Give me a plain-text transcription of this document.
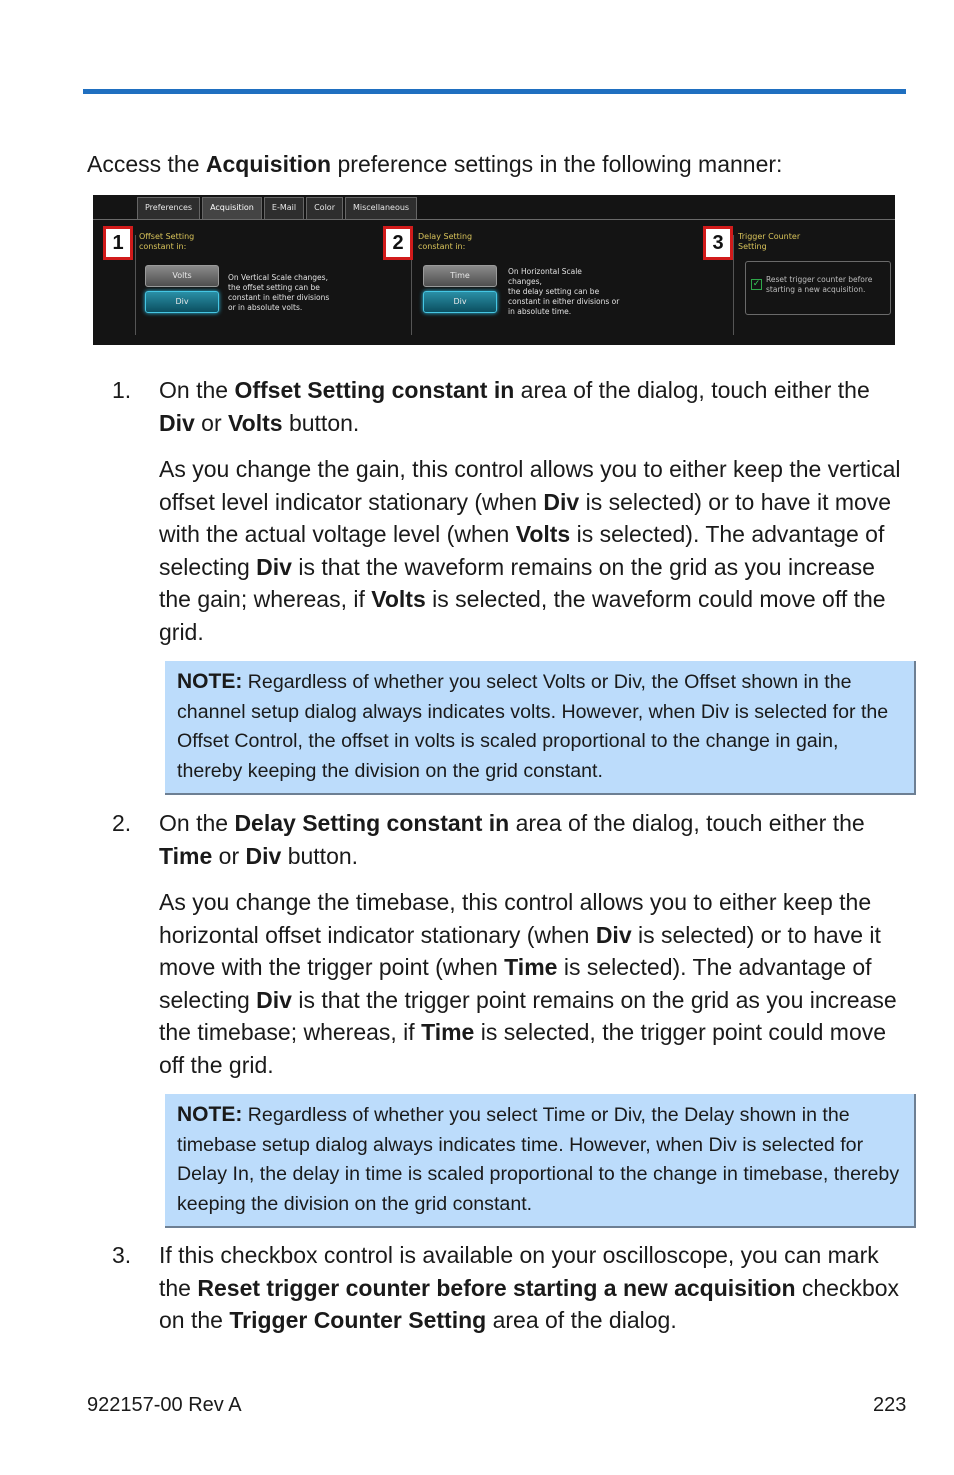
Access the Acquisition preference settings in the following manner:
Preferences	Acquisition	E-Mail	Color	Miscellaneous
1	Offset Setting
constant in:
Volts
Div
On Vertical Scale changes,
the offset setting can be
constant in either divisions
or in absolute volts.
2	Delay Setting
constant in:
Time
Div
On Horizontal Scale
changes,
the delay setting can be
constant in either divisions or
in absolute time.
3	Trigger Counter
Setting
✓ Reset trigger counter before
starting a new acquisition.
1. On the Offset Setting constant in area of the dialog, touch either the Div or Volts button.
As you change the gain, this control allows you to either keep the vertical offset level indicator stationary (when Div is selected) or to have it move with the actual voltage level (when Volts is selected). The advantage of selecting Div is that the waveform remains on the grid as you increase the gain; whereas, if Volts is selected, the waveform could move off the grid.
NOTE: Regardless of whether you select Volts or Div, the Offset shown in the channel setup dialog always indicates volts. However, when Div is selected for the Offset Control, the offset in volts is scaled proportional to the change in gain, thereby keeping the division on the grid constant.
2. On the Delay Setting constant in area of the dialog, touch either the Time or Div button.
As you change the timebase, this control allows you to either keep the horizontal offset indicator stationary (when Div is selected) or to have it move with the trigger point (when Time is selected). The advantage of selecting Div is that the trigger point remains on the grid as you increase the timebase; whereas, if Time is selected, the trigger point could move off the grid.
NOTE: Regardless of whether you select Time or Div, the Delay shown in the timebase setup dialog always indicates time. However, when Div is selected for Delay In, the delay in time is scaled proportional to the change in timebase, thereby keeping the division on the grid constant.
3. If this checkbox control is available on your oscilloscope, you can mark the Reset trigger counter before starting a new acquisition checkbox on the Trigger Counter Setting area of the dialog.
922157-00 Rev A	223
